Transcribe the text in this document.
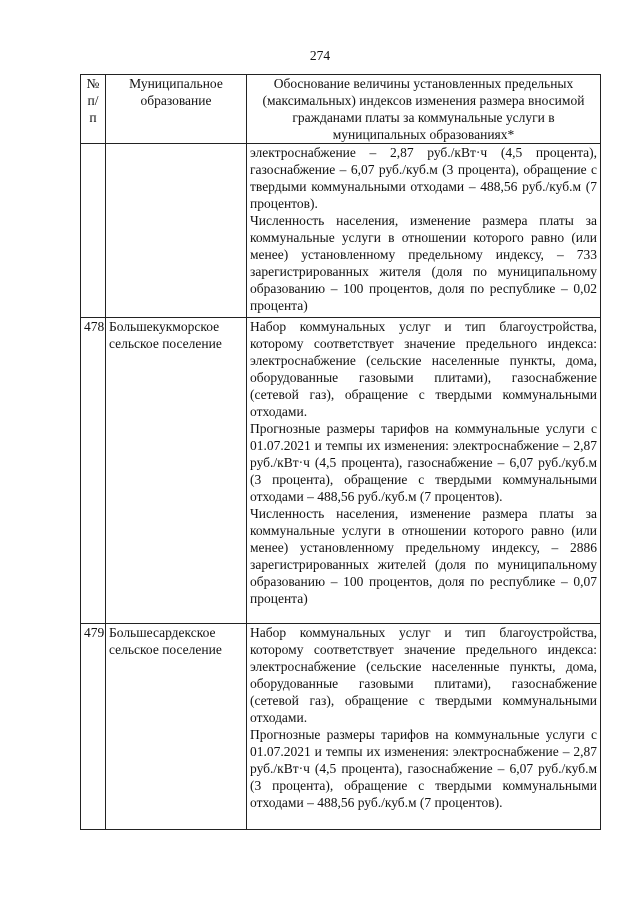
274
№
п/п	Муниципальное образование	Обоснование величины установленных предельных (максимальных) индексов изменения размера вносимой гражданами платы за коммунальные услуги в муниципальных образованиях*

		электроснабжение – 2,87 руб./кВт·ч (4,5 процента), газоснабжение – 6,07 руб./куб.м (3 процента), обращение с твердыми коммунальными отходами – 488,56 руб./куб.м (7 процентов).

Численность населения, изменение размера платы за коммунальные услуги в отношении которого равно (или менее) установленному предельному индексу, – 733 зарегистрированных жителя (доля по муниципальному образованию – 100 процентов, доля по республике – 0,02 процента)

478	Большекукморское сельское поселение	Набор коммунальных услуг и тип благоустройства, которому соответствует значение предельного индекса: электроснабжение (сельские населенные пункты, дома, оборудованные газовыми плитами), газоснабжение (сетевой газ), обращение с твердыми коммунальными отходами.

Прогнозные размеры тарифов на коммунальные услуги с 01.07.2021 и темпы их изменения: электроснабжение – 2,87 руб./кВт·ч (4,5 процента), газоснабжение – 6,07 руб./куб.м (3 процента), обращение с твердыми коммунальными отходами – 488,56 руб./куб.м (7 процентов).

Численность населения, изменение размера платы за коммунальные услуги в отношении которого равно (или менее) установленному предельному индексу, – 2886 зарегистрированных жителей (доля по муниципальному образованию – 100 процентов, доля по республике – 0,07 процента)

479	Большесардекское сельское поселение	Набор коммунальных услуг и тип благоустройства, которому соответствует значение предельного индекса: электроснабжение (сельские населенные пункты, дома, оборудованные газовыми плитами), газоснабжение (сетевой газ), обращение с твердыми коммунальными отходами.

Прогнозные размеры тарифов на коммунальные услуги с 01.07.2021 и темпы их изменения: электроснабжение – 2,87 руб./кВт·ч (4,5 процента), газоснабжение – 6,07 руб./куб.м (3 процента), обращение с твердыми коммунальными отходами – 488,56 руб./куб.м (7 процентов).
